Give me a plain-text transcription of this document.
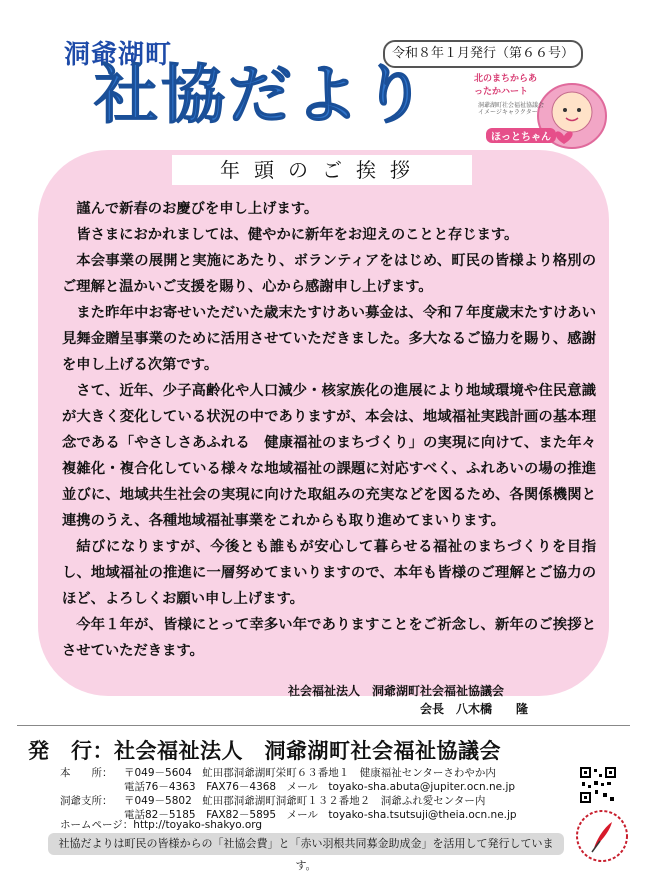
洞爺湖町
社協だより
令和８年１月発行（第６６号）
北のまちからあったかハート
洞爺湖町社会福祉協議会イメージキャラクター
ほっとちゃん
年頭のご挨拶

謹んで新春のお慶びを申し上げます。

皆さまにおかれましては、健やかに新年をお迎えのことと存じます。

本会事業の展開と実施にあたり、ボランティアをはじめ、町民の皆様より格別のご理解と温かいご支援を賜り、心から感謝申し上げます。

また昨年中お寄せいただいた歳末たすけあい募金は、令和７年度歳末たすけあい見舞金贈呈事業のために活用させていただきました。多大なるご協力を賜り、感謝を申し上げる次第です。

さて、近年、少子高齢化や人口減少・核家族化の進展により地域環境や住民意識が大きく変化している状況の中でありますが、本会は、地域福祉実践計画の基本理念である「やさしさあふれる　健康福祉のまちづくり」の実現に向けて、また年々複雑化・複合化している様々な地域福祉の課題に対応すべく、ふれあいの場の推進並びに、地域共生社会の実現に向けた取組みの充実などを図るため、各関係機関と連携のうえ、各種地域福祉事業をこれからも取り進めてまいります。

結びになりますが、今後とも誰もが安心して暮らせる福祉のまちづくりを目指し、地域福祉の推進に一層努めてまいりますので、本年も皆様のご理解とご協力のほど、よろしくお願い申し上げます。

今年１年が、皆様にとって幸多い年でありますことをご祈念し、新年のご挨拶とさせていただきます。

社会福祉法人　洞爺湖町社会福祉協議会
会長　八木橋　　隆
発　行：社会福祉法人　洞爺湖町社会福祉協議会
本　　所： 〒049－5604　虻田郡洞爺湖町栄町６３番地１　健康福祉センターさわやか内
電話76－4363　FAX76－4368　メール　toyako-sha.abuta@jupiter.ocn.ne.jp
洞爺支所： 〒049－5802　虻田郡洞爺湖町洞爺町１３２番地２　洞爺ふれ愛センター内
電話82－5185　FAX82－5895　メール　toyako-sha.tsutsuji@theia.ocn.ne.jp
ホームページ：http://toyako-shakyo.org
社協だよりは町民の皆様からの「社協会費」と「赤い羽根共同募金助成金」を活用して発行しています。
